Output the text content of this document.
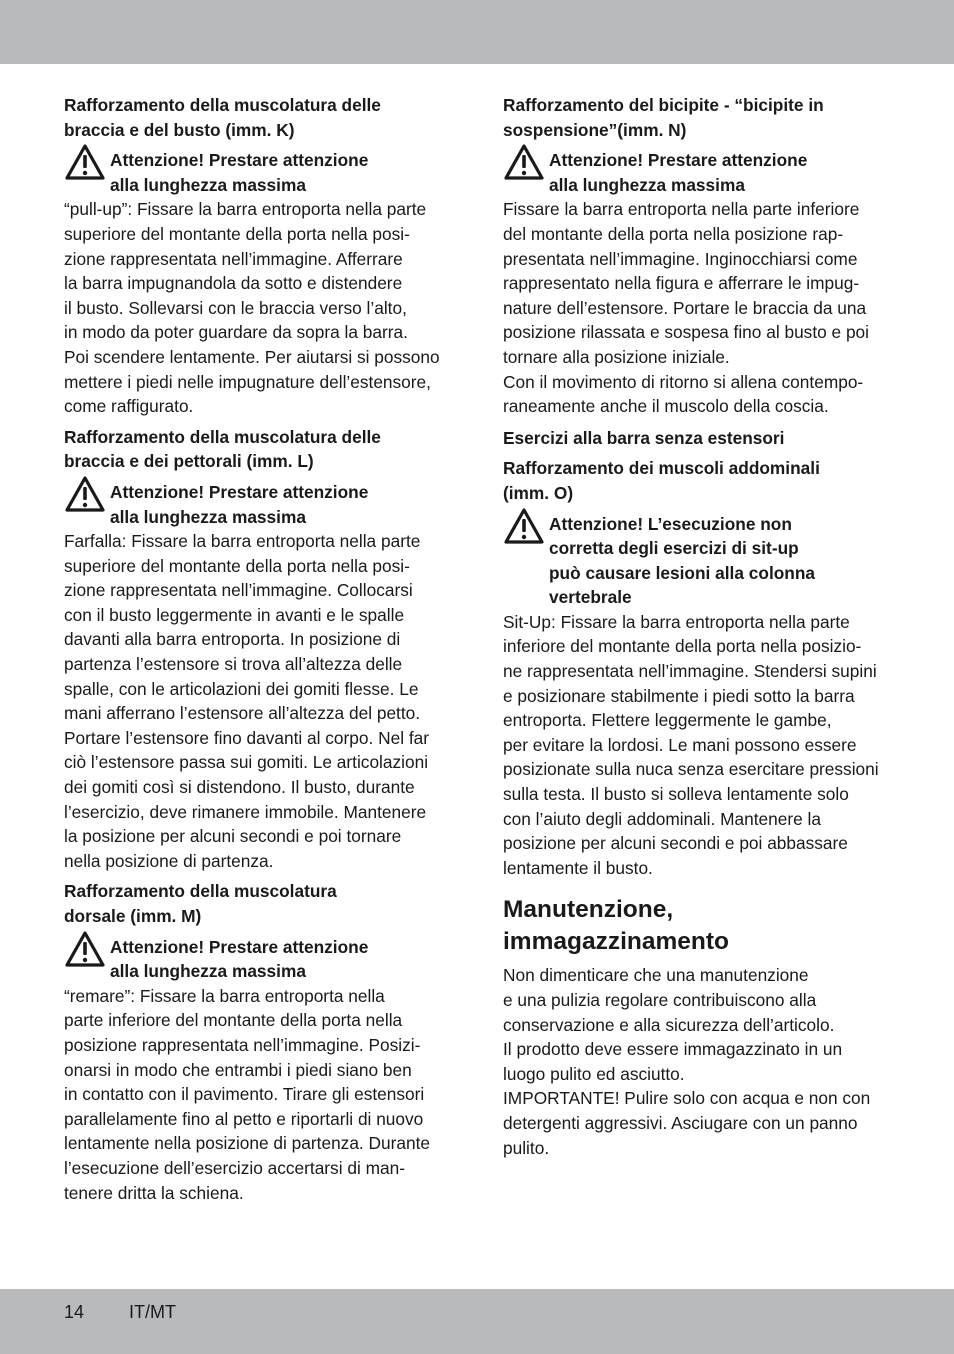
Rafforzamento della muscolatura delle
braccia e del busto (imm. K)
Attenzione! Prestare attenzione
alla lunghezza massima
“pull-up”: Fissare la barra entroporta nella parte
superiore del montante della porta nella posi-
zione rappresentata nell’immagine. Afferrare
la barra impugnandola da sotto e distendere
il busto. Sollevarsi con le braccia verso l’alto,
in modo da poter guardare da sopra la barra.
Poi scendere lentamente. Per aiutarsi si possono
mettere i piedi nelle impugnature dell’estensore,
come raffigurato.
Rafforzamento della muscolatura delle
braccia e dei pettorali (imm. L)
Attenzione! Prestare attenzione
alla lunghezza massima
Farfalla: Fissare la barra entroporta nella parte
superiore del montante della porta nella posi-
zione rappresentata nell’immagine. Collocarsi
con il busto leggermente in avanti e le spalle
davanti alla barra entroporta. In posizione di
partenza l’estensore si trova all’altezza delle
spalle, con le articolazioni dei gomiti flesse. Le
mani afferrano l’estensore all’altezza del petto.
Portare l’estensore fino davanti al corpo. Nel far
ciò l’estensore passa sui gomiti. Le articolazioni
dei gomiti così si distendono. Il busto, durante
l’esercizio, deve rimanere immobile. Mantenere
la posizione per alcuni secondi e poi tornare
nella posizione di partenza.
Rafforzamento della muscolatura
dorsale (imm. M)
Attenzione! Prestare attenzione
alla lunghezza massima
“remare”: Fissare la barra entroporta nella
parte inferiore del montante della porta nella
posizione rappresentata nell’immagine. Posizi-
onarsi in modo che entrambi i piedi siano ben
in contatto con il pavimento. Tirare gli estensori
parallelamente fino al petto e riportarli di nuovo
lentamente nella posizione di partenza. Durante
l’esecuzione dell’esercizio accertarsi di man-
tenere dritta la schiena.
Rafforzamento del bicipite - “bicipite in
sospensione”(imm. N)
Attenzione! Prestare attenzione
alla lunghezza massima
Fissare la barra entroporta nella parte inferiore
del montante della porta nella posizione rap-
presentata nell’immagine. Inginocchiarsi come
rappresentato nella figura e afferrare le impug-
nature dell’estensore. Portare le braccia da una
posizione rilassata e sospesa fino al busto e poi
tornare alla posizione iniziale.
Con il movimento di ritorno si allena contempo-
raneamente anche il muscolo della coscia.
Esercizi alla barra senza estensori
Rafforzamento dei muscoli addominali
(imm. O)
Attenzione! L’esecuzione non
corretta degli esercizi di sit-up
può causare lesioni alla colonna
vertebrale
Sit-Up: Fissare la barra entroporta nella parte
inferiore del montante della porta nella posizio-
ne rappresentata nell’immagine. Stendersi supini
e posizionare stabilmente i piedi sotto la barra
entroporta. Flettere leggermente le gambe,
per evitare la lordosi. Le mani possono essere
posizionate sulla nuca senza esercitare pressioni
sulla testa. Il busto si solleva lentamente solo
con l’aiuto degli addominali. Mantenere la
posizione per alcuni secondi e poi abbassare
lentamente il busto.
Manutenzione,
immagazzinamento
Non dimenticare che una manutenzione
e una pulizia regolare contribuiscono alla
conservazione e alla sicurezza dell’articolo.
Il prodotto deve essere immagazzinato in un
luogo pulito ed asciutto.
IMPORTANTE! Pulire solo con acqua e non con
detergenti aggressivi. Asciugare con un panno
pulito.
14 IT/MT
